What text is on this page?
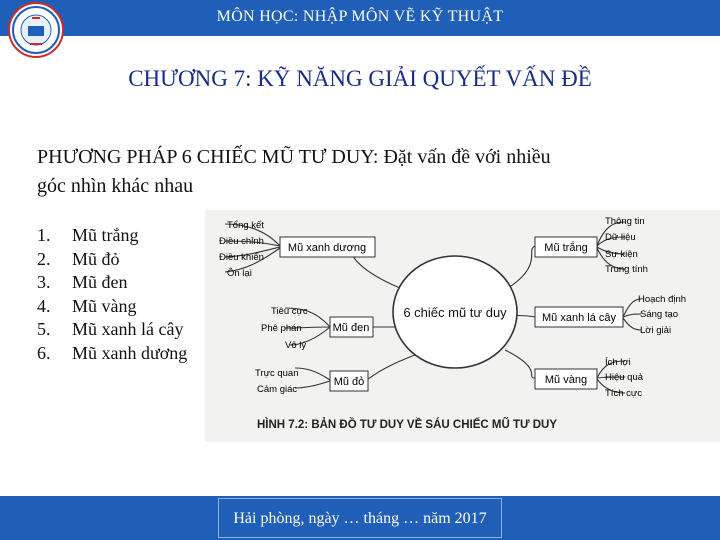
MÔN HỌC: NHẬP MÔN VẼ KỸ THUẬT
CHƯƠNG 7: KỸ NĂNG GIẢI QUYẾT VẤN ĐỀ
PHƯƠNG PHÁP 6 CHIẾC MŨ TƯ DUY: Đặt vấn đề với nhiều
góc nhìn khác nhau
1.	Mũ trắng
2.	Mũ đỏ
3.	Mũ đen
4.	Mũ vàng
5.	Mũ xanh lá cây
6.	Mũ xanh dương
6 chiếc mũ tư duy
Mũ xanh dương
Mũ đen
Mũ đỏ
Mũ trắng
Mũ xanh lá cây
Mũ vàng
Tổng kết
Điều chỉnh
Điều khiển
Ôn lại
Tiêu cực
Phê phán
Vô lý
Trực quan
Cảm giác
Thông tin
Dữ liệu
Sự kiện
Trung tính
Hoạch định
Sáng tạo
Lời giải
Ích lợi
Hiệu quả
Tích cực
HÌNH 7.2: BẢN ĐỒ TƯ DUY VỀ SÁU CHIẾC MŨ TƯ DUY
Hải phòng, ngày … tháng … năm 2017
